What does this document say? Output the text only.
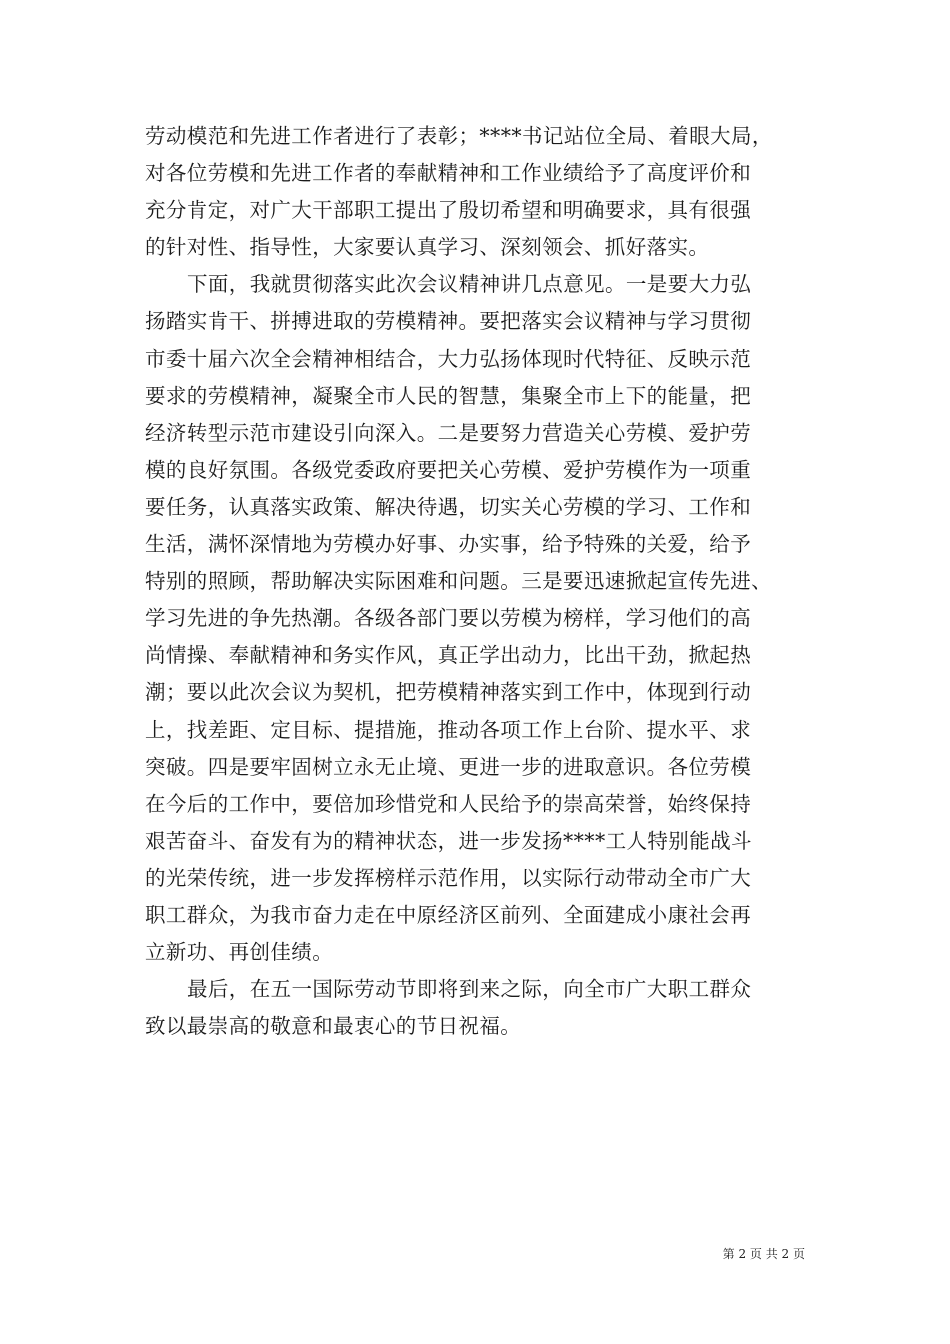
劳动模范和先进工作者进行了表彰；****书记站位全局、着眼大局，
对各位劳模和先进工作者的奉献精神和工作业绩给予了高度评价和
充分肯定，对广大干部职工提出了殷切希望和明确要求，具有很强
的针对性、指导性，大家要认真学习、深刻领会、抓好落实。
下面，我就贯彻落实此次会议精神讲几点意见。一是要大力弘
扬踏实肯干、拼搏进取的劳模精神。要把落实会议精神与学习贯彻
市委十届六次全会精神相结合，大力弘扬体现时代特征、反映示范
要求的劳模精神，凝聚全市人民的智慧，集聚全市上下的能量，把
经济转型示范市建设引向深入。二是要努力营造关心劳模、爱护劳
模的良好氛围。各级党委政府要把关心劳模、爱护劳模作为一项重
要任务，认真落实政策、解决待遇，切实关心劳模的学习、工作和
生活，满怀深情地为劳模办好事、办实事，给予特殊的关爱，给予
特别的照顾，帮助解决实际困难和问题。三是要迅速掀起宣传先进、
学习先进的争先热潮。各级各部门要以劳模为榜样，学习他们的高
尚情操、奉献精神和务实作风，真正学出动力，比出干劲，掀起热
潮；要以此次会议为契机，把劳模精神落实到工作中，体现到行动
上，找差距、定目标、提措施，推动各项工作上台阶、提水平、求
突破。四是要牢固树立永无止境、更进一步的进取意识。各位劳模
在今后的工作中，要倍加珍惜党和人民给予的崇高荣誉，始终保持
艰苦奋斗、奋发有为的精神状态，进一步发扬****工人特别能战斗
的光荣传统，进一步发挥榜样示范作用，以实际行动带动全市广大
职工群众，为我市奋力走在中原经济区前列、全面建成小康社会再
立新功、再创佳绩。
最后，在五一国际劳动节即将到来之际，向全市广大职工群众
致以最崇高的敬意和最衷心的节日祝福。
第 2 页 共 2 页
